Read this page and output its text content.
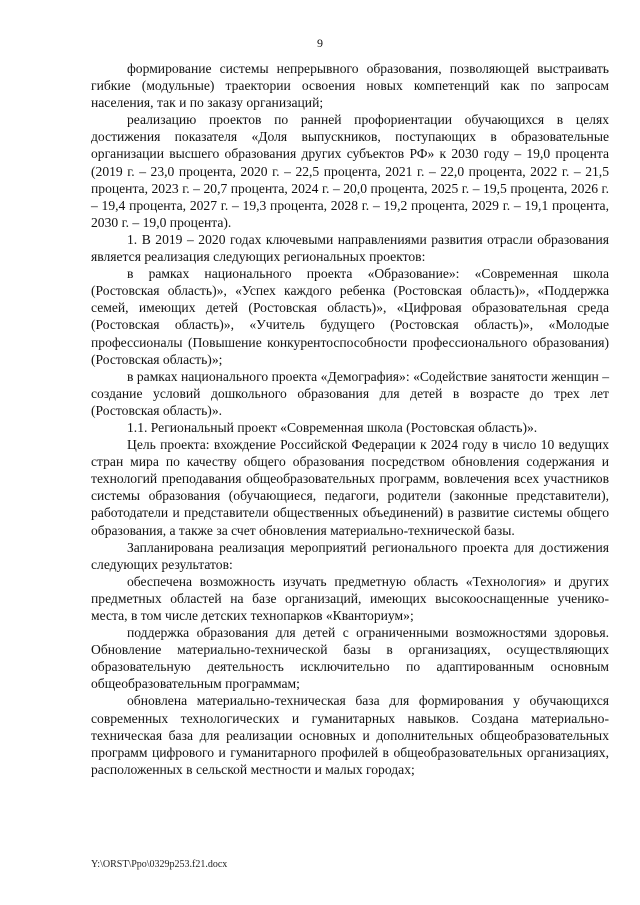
9

формирование системы непрерывного образования, позволяющей выстраивать гибкие (модульные) траектории освоения новых компетенций как по запросам населения, так и по заказу организаций;

реализацию проектов по ранней профориентации обучающихся в целях достижения показателя «Доля выпускников, поступающих в образовательные организации высшего образования других субъектов РФ» к 2030 году – 19,0 процента (2019 г. – 23,0 процента, 2020 г. – 22,5 процента, 2021 г. – 22,0 процента, 2022 г. – 21,5 процента, 2023 г. – 20,7 процента, 2024 г. – 20,0 процента, 2025 г. – 19,5 процента, 2026 г. – 19,4 процента, 2027 г. – 19,3 процента, 2028 г. – 19,2 процента, 2029 г. – 19,1 процента, 2030 г. – 19,0 процента).

1. В 2019 – 2020 годах ключевыми направлениями развития отрасли образования является реализация следующих региональных проектов:

в рамках национального проекта «Образование»: «Современная школа (Ростовская область)», «Успех каждого ребенка (Ростовская область)», «Поддержка семей, имеющих детей (Ростовская область)», «Цифровая образовательная среда (Ростовская область)», «Учитель будущего (Ростовская область)», «Молодые профессионалы (Повышение конкурентоспособности профессионального образования) (Ростовская область)»;

в рамках национального проекта «Демография»: «Содействие занятости женщин – создание условий дошкольного образования для детей в возрасте до трех лет (Ростовская область)».

1.1. Региональный проект «Современная школа (Ростовская область)».

Цель проекта: вхождение Российской Федерации к 2024 году в число 10 ведущих стран мира по качеству общего образования посредством обновления содержания и технологий преподавания общеобразовательных программ, вовлечения всех участников системы образования (обучающиеся, педагоги, родители (законные представители), работодатели и представители общественных объединений) в развитие системы общего образования, а также за счет обновления материально-технической базы.

Запланирована реализация мероприятий регионального проекта для достижения следующих результатов:

обеспечена возможность изучать предметную область «Технология» и других предметных областей на базе организаций, имеющих высокооснащенные ученико-места, в том числе детских технопарков «Кванториум»;

поддержка образования для детей с ограниченными возможностями здоровья. Обновление материально-технической базы в организациях, осуществляющих образовательную деятельность исключительно по адаптированным основным общеобразовательным программам;

обновлена материально-техническая база для формирования у обучающихся современных технологических и гуманитарных навыков. Создана материально-техническая база для реализации основных и дополнительных общеобразовательных программ цифрового и гуманитарного профилей в общеобразовательных организациях, расположенных в сельской местности и малых городах;

Y:\ORST\Ppo\0329p253.f21.docx
